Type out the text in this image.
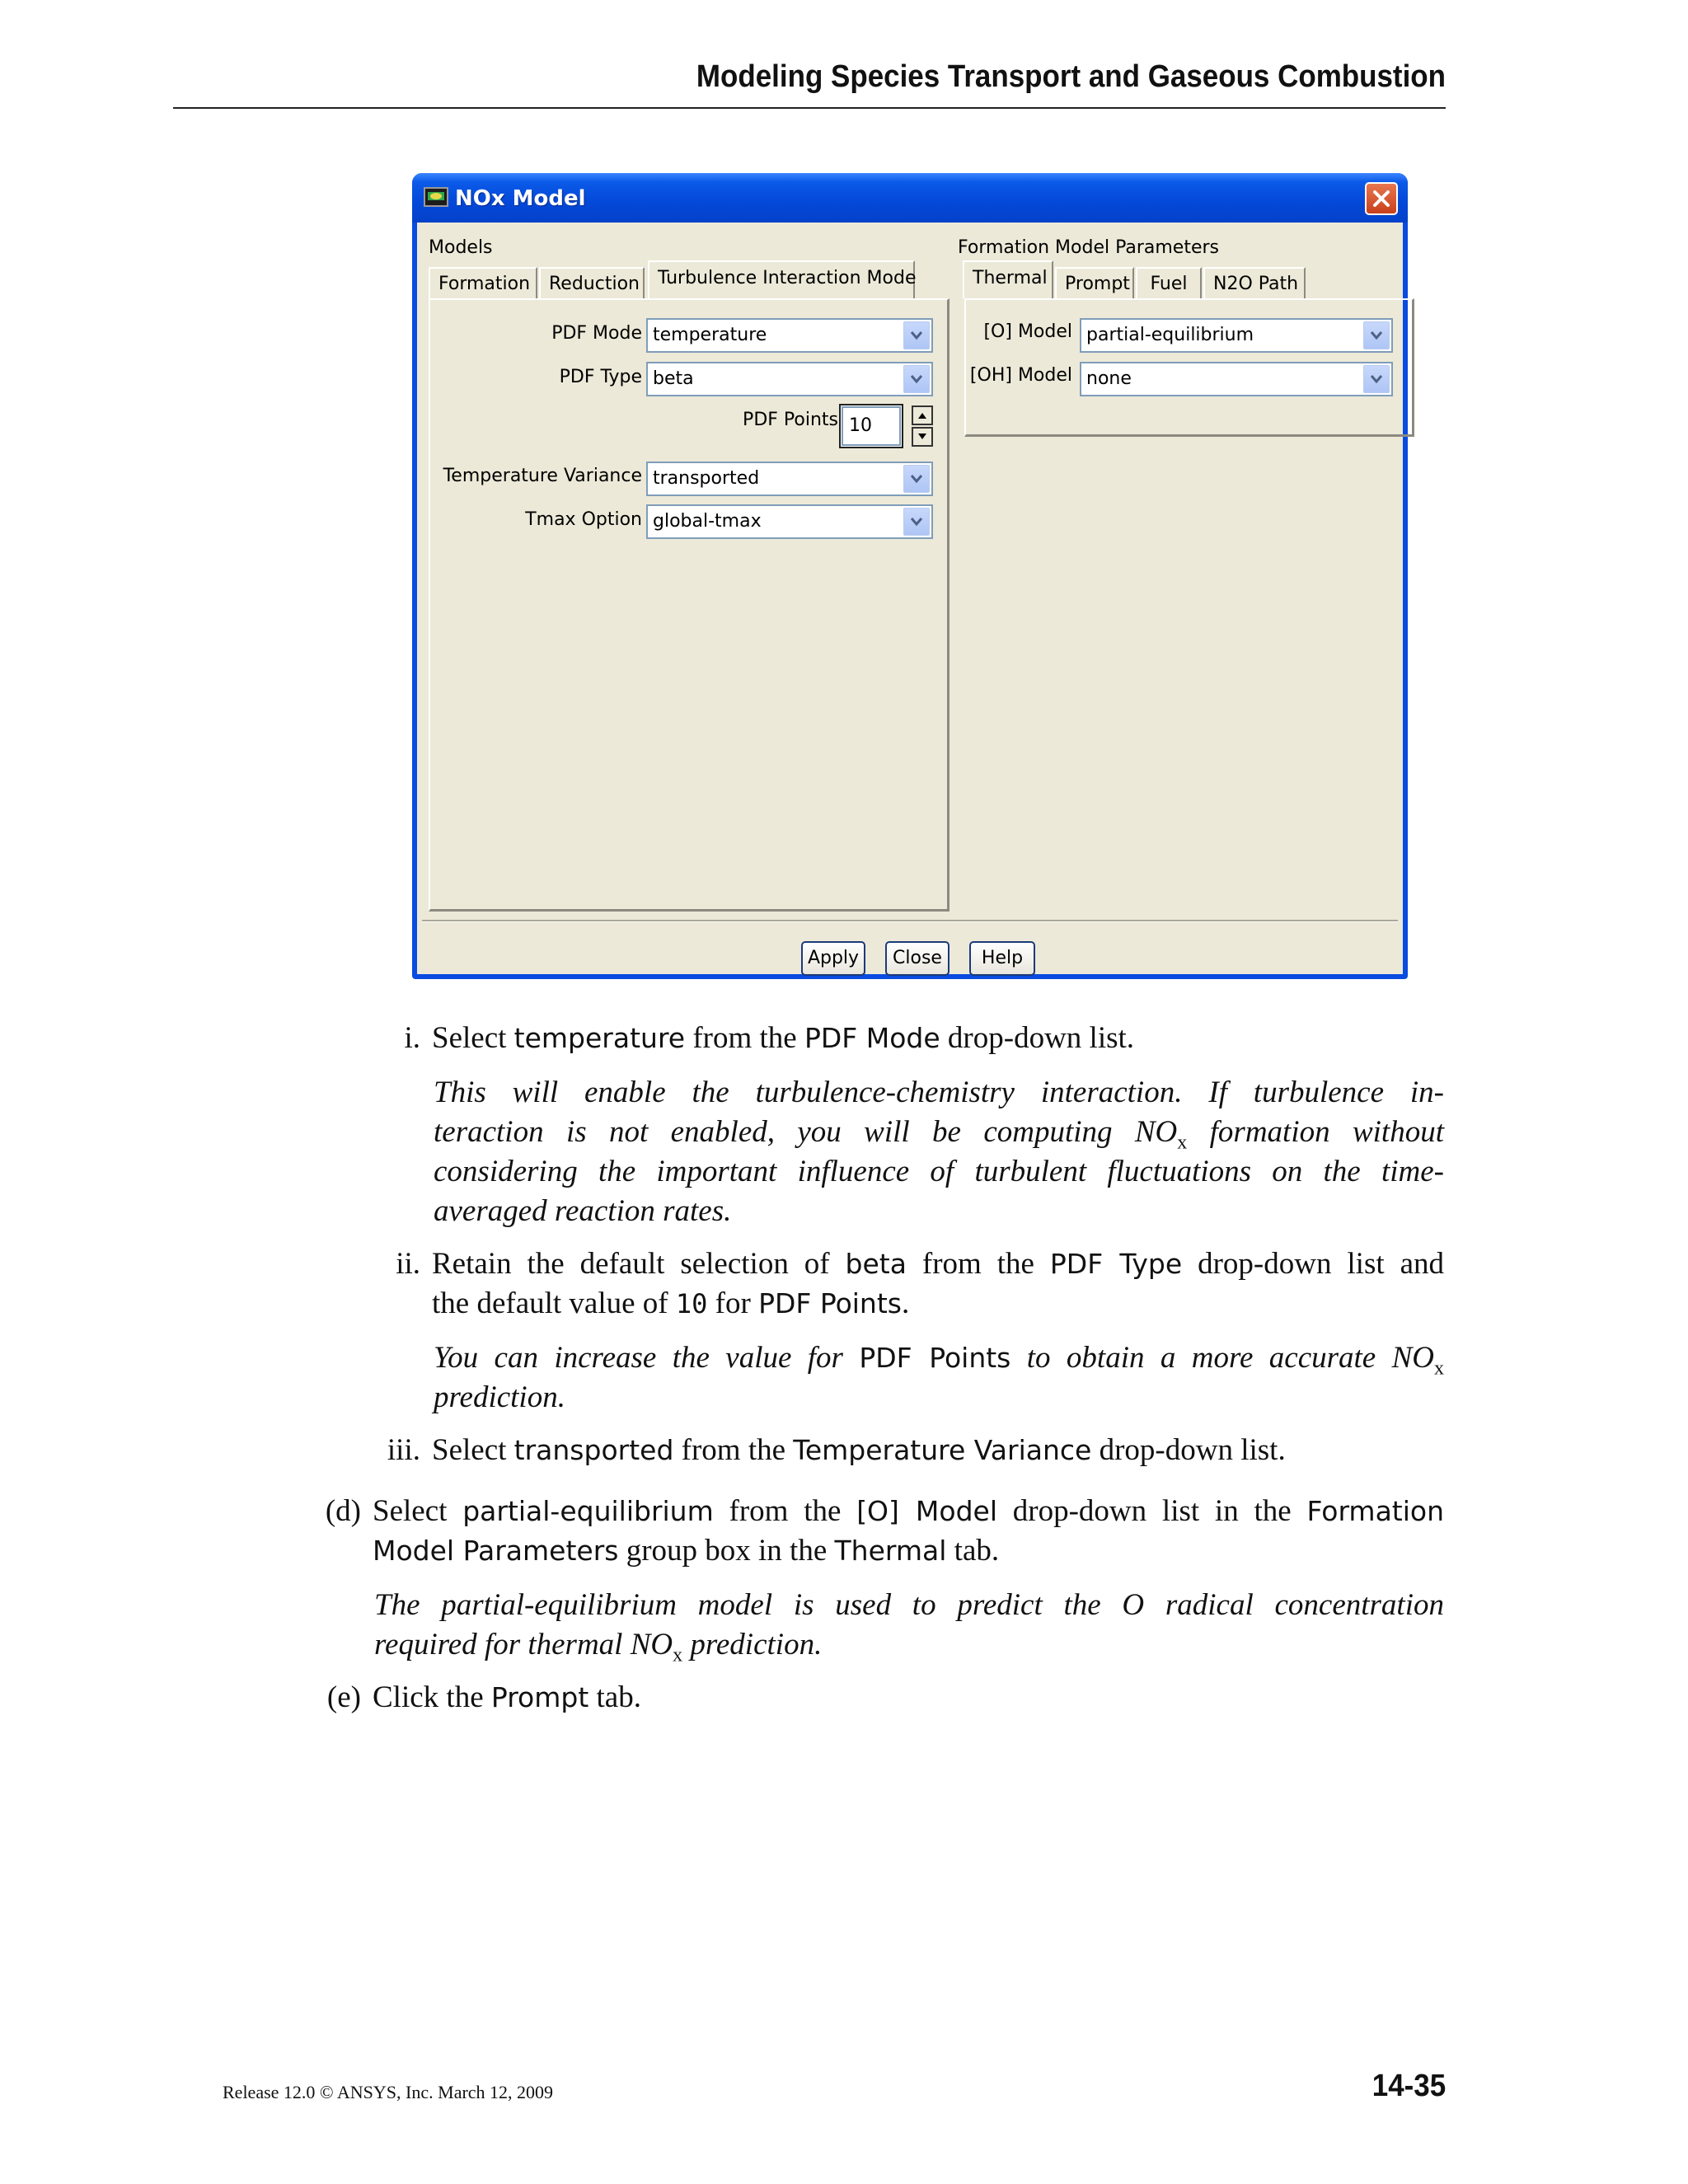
Modeling Species Transport and Gaseous Combustion
NOx Model
Models
Formation	Reduction	Turbulence Interaction Mode
PDF Mode temperature
PDF Type beta
PDF Points 10
Temperature Variance transported
Tmax Option global-tmax
Formation Model Parameters
Thermal Prompt	Fuel	N2O Path
[O] Model partial-equilibrium
[OH] Model none
Apply	Close	Help
i. Select temperature from the PDF Mode drop-down list.
This will enable the turbulence-chemistry interaction. If turbulence in-
teraction is not enabled, you will be computing $NO_x$ formation without
considering the important influence of turbulent fluctuations on the time-
averaged reaction rates.
ii. Retain the default selection of beta from the PDF Type drop-down list and
the default value of 10 for PDF Points.
You can increase the value for PDF Points to obtain a more accurate $NO_x$
prediction.
iii. Select transported from the Temperature Variance drop-down list.
(d) Select partial-equilibrium from the [O] Model drop-down list in the Formation
Model Parameters group box in the Thermal tab.
The partial-equilibrium model is used to predict the O radical concentration
required for thermal $NO_x$ prediction.
(e) Click the Prompt tab.
Release 12.0 © ANSYS, Inc. March 12, 2009	14-35
